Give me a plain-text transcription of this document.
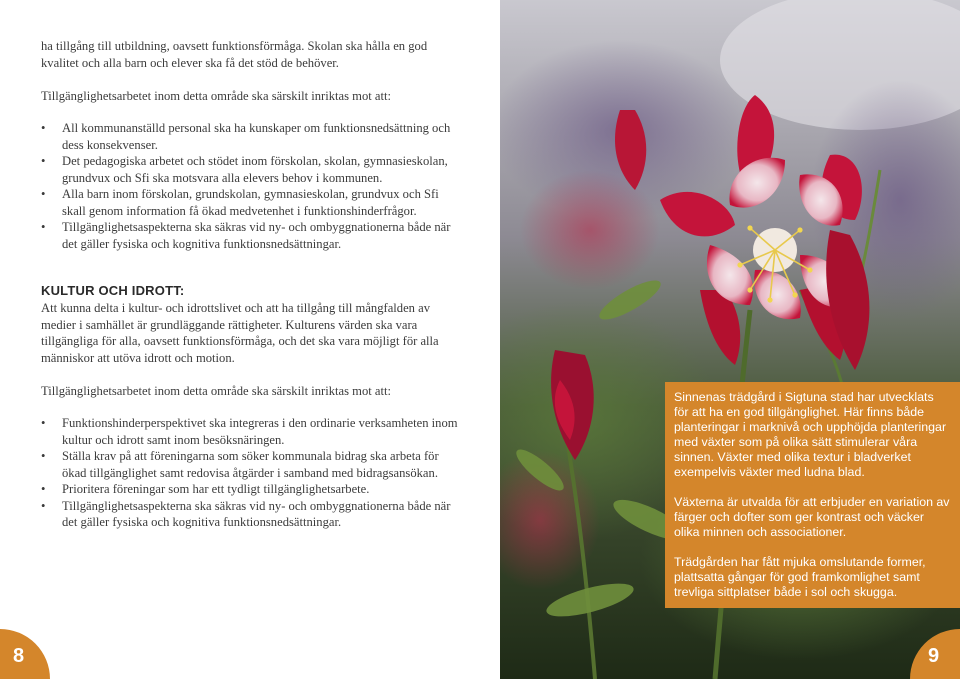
ha tillgång till utbildning, oavsett funktionsförmåga. Skolan ska hålla en god kvalitet och alla barn och elever ska få det stöd de behöver.

Tillgänglighetsarbetet inom detta område ska särskilt inriktas mot att:

• All kommunanställd personal ska ha kunskaper om funktionsnedsättning och dess konsekvenser.
• Det pedagogiska arbetet och stödet inom förskolan, skolan, gymnasieskolan, grundvux och Sfi ska motsvara alla elevers behov i kommunen.
• Alla barn inom förskolan, grundskolan, gymnasieskolan, grundvux och Sfi skall genom information få ökad medvetenhet i funktionshinderfrågor.
• Tillgänglighetsaspekterna ska säkras vid ny- och ombyggnationerna både när det gäller fysiska och kognitiva funktionsnedsättningar.
KULTUR OCH IDROTT:

Att kunna delta i kultur- och idrottslivet och att ha tillgång till mångfalden av medier i samhället är grundläggande rättigheter. Kulturens värden ska vara tillgängliga för alla, oavsett funktionsförmåga, och det ska vara möjligt för alla människor att utöva idrott och motion.

Tillgänglighetsarbetet inom detta område ska särskilt inriktas mot att:

• Funktionshinderperspektivet ska integreras i den ordinarie verksamheten inom kultur och idrott samt inom besöksnäringen.
• Ställa krav på att föreningarna som söker kommunala bidrag ska arbeta för ökad tillgänglighet samt redovisa åtgärder i samband med bidragsansökan.
• Prioritera föreningar som har ett tydligt tillgänglighetsarbete.
• Tillgänglighetsaspekterna ska säkras vid ny- och ombyggnationerna både när det gäller fysiska och kognitiva funktionsnedsättningar.
8

Sinnenas trädgård i Sigtuna stad har utvecklats för att ha en god tillgänglighet. Här finns både planteringar i marknivå och upphöjda planteringar med växter som på olika sätt stimulerar våra sinnen. Växter med olika textur i bladverket exempelvis växter med ludna blad.

Växterna är utvalda för att erbjuder en variation av färger och dofter som ger kontrast och väcker olika minnen och associationer.

Trädgården har fått mjuka omslutande former, plattsatta gångar för god framkomlighet samt trevliga sittplatser både i sol och skugga.

9
